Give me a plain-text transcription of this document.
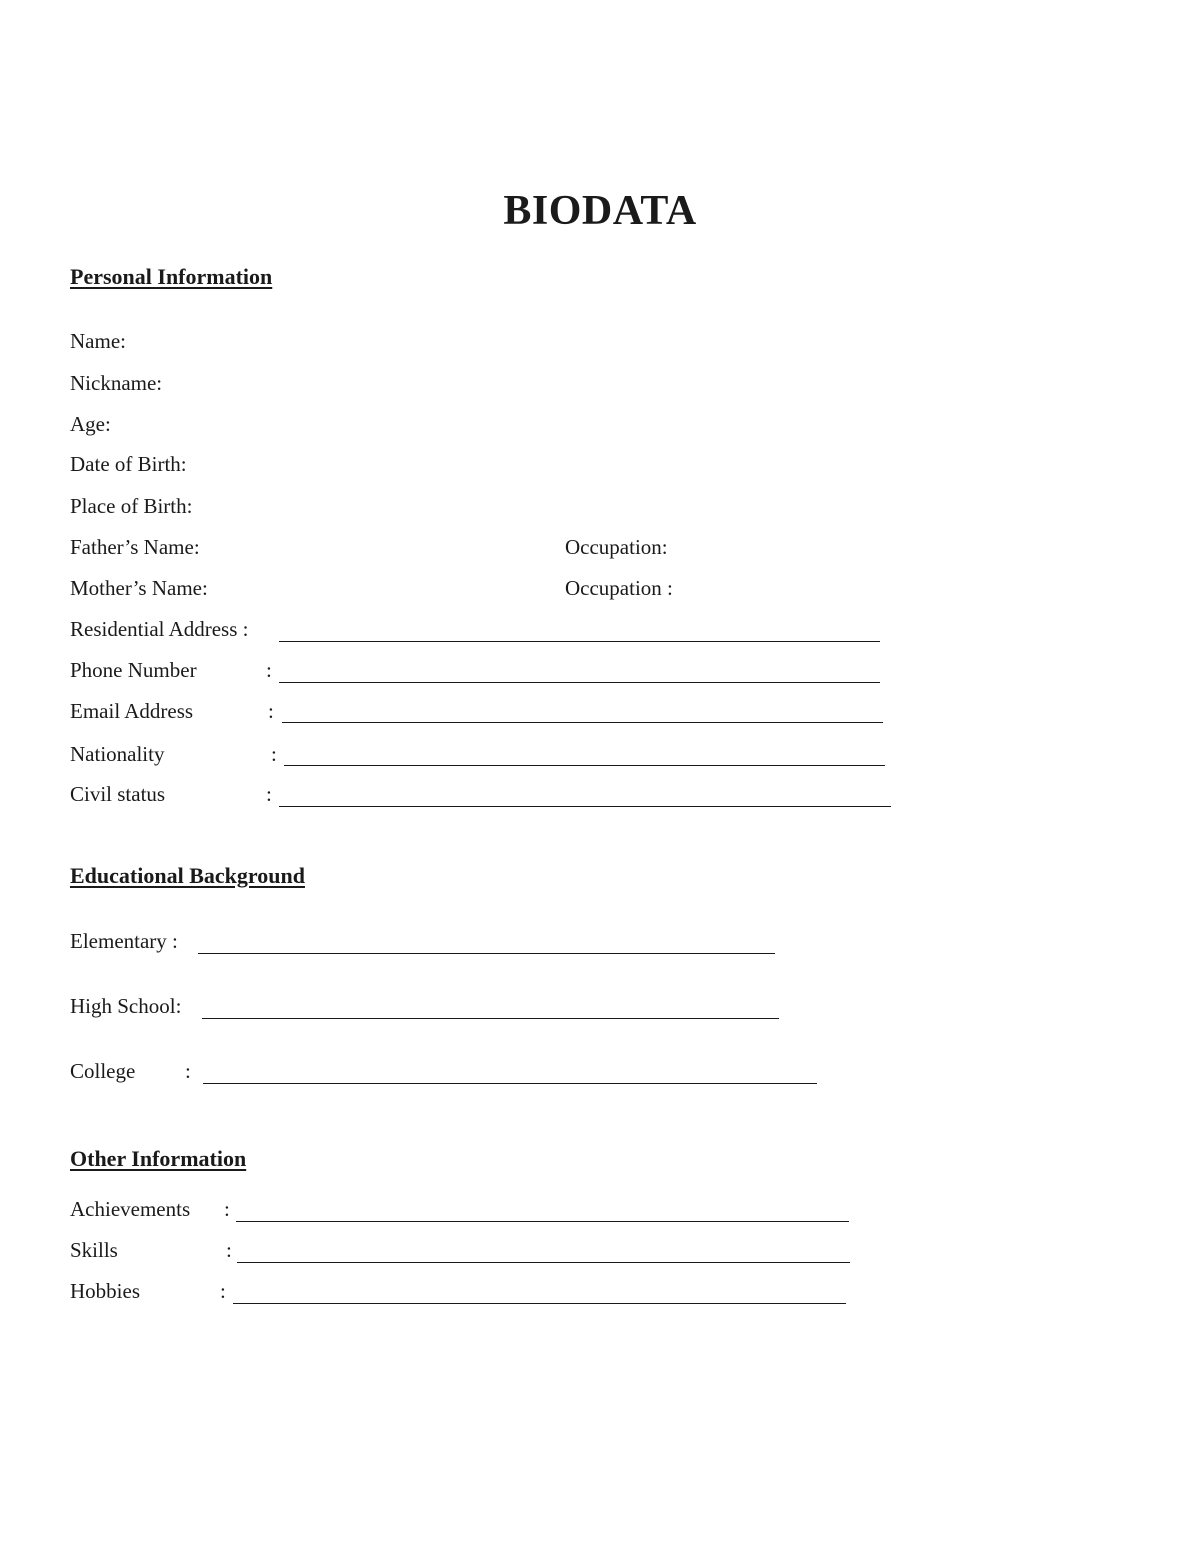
BIODATA
Personal Information
Name:
Nickname:
Age:
Date of Birth:
Place of Birth:
Father’s Name:	Occupation:
Mother’s Name:	Occupation :
Residential Address :
Phone Number	:
Email Address	:
Nationality	:
Civil status	:
Educational Background
Elementary :
High School:
College :
Other Information
Achievements :
Skills	:
Hobbies	:
